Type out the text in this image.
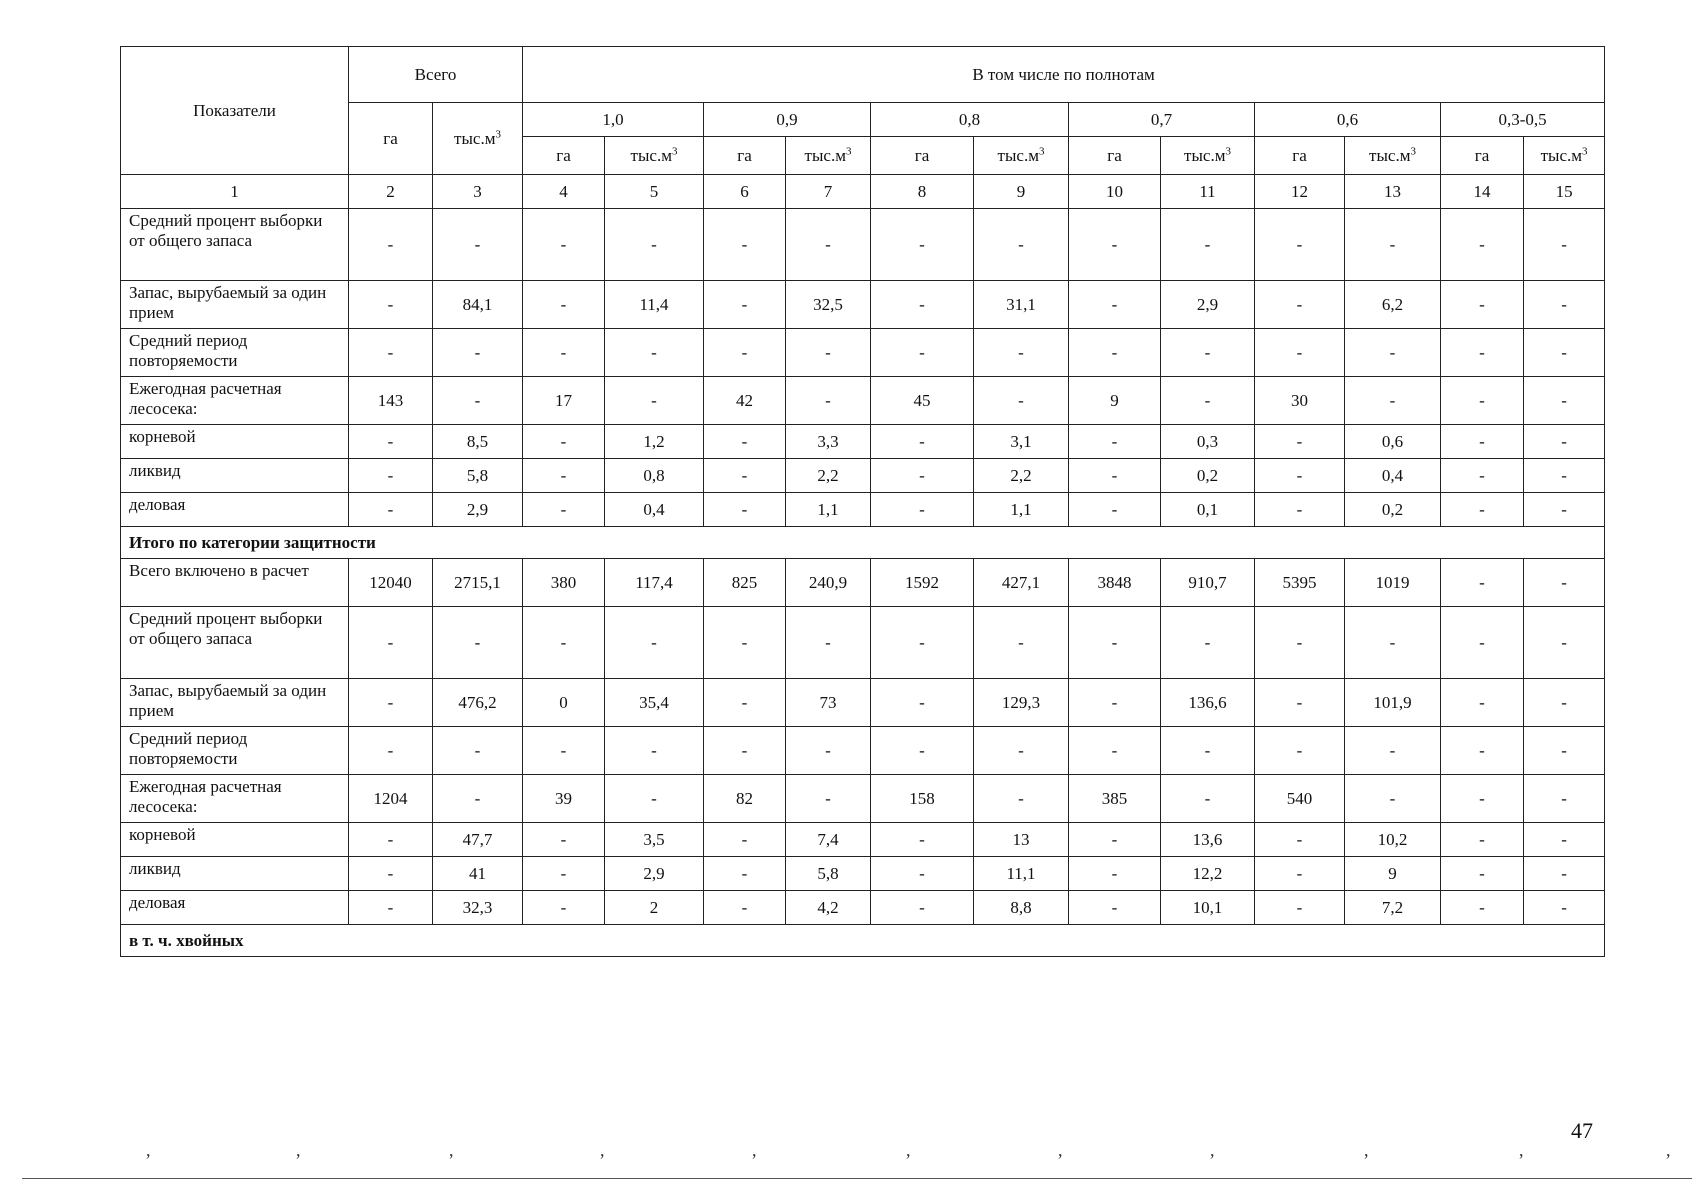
Показатели	Всего		В том числе по полнотам											
	га	$тыс.м^3$	1,0		0,9		0,8		0,7		0,6		0,3-0,5	
			га	$тыс.м^3$	га	$тыс.м^3$	га	$тыс.м^3$	га	$тыс.м^3$	га	$тыс.м^3$	га	$тыс.м^3$
1	2	3	4	5	6	7	8	9	10	11	12	13	14	15
Средний процент выборки от общего запаса	-	-	-	-	-	-	-	-	-	-	-	-	-	-
Запас, вырубаемый за один прием	-	84,1	-	11,4	-	32,5	-	31,1	-	2,9	-	6,2	-	-
Средний период повторяемости	-	-	-	-	-	-	-	-	-	-	-	-	-	-
Ежегодная расчетная лесосека:	143	-	17	-	42	-	45	-	9	-	30	-	-	-
корневой	-	8,5	-	1,2	-	3,3	-	3,1	-	0,3	-	0,6	-	-
ликвид	-	5,8	-	0,8	-	2,2	-	2,2	-	0,2	-	0,4	-	-
деловая	-	2,9	-	0,4	-	1,1	-	1,1	-	0,1	-	0,2	-	-
Итого по категории защитности														
Всего включено в расчет	12040	2715,1	380	117,4	825	240,9	1592	427,1	3848	910,7	5395	1019	-	-
Средний процент выборки от общего запаса	-	-	-	-	-	-	-	-	-	-	-	-	-	-
Запас, вырубаемый за один прием	-	476,2	0	35,4	-	73	-	129,3	-	136,6	-	101,9	-	-
Средний период повторяемости	-	-	-	-	-	-	-	-	-	-	-	-	-	-
Ежегодная расчетная лесосека:	1204	-	39	-	82	-	158	-	385	-	540	-	-	-
корневой	-	47,7	-	3,5	-	7,4	-	13	-	13,6	-	10,2	-	-
ликвид	-	41	-	2,9	-	5,8	-	11,1	-	12,2	-	9	-	-
деловая	-	32,3	-	2	-	4,2	-	8,8	-	10,1	-	7,2	-	-
в т. ч. хвойных														
,	,	,	,	,	,	,	,	,	,	,
47
